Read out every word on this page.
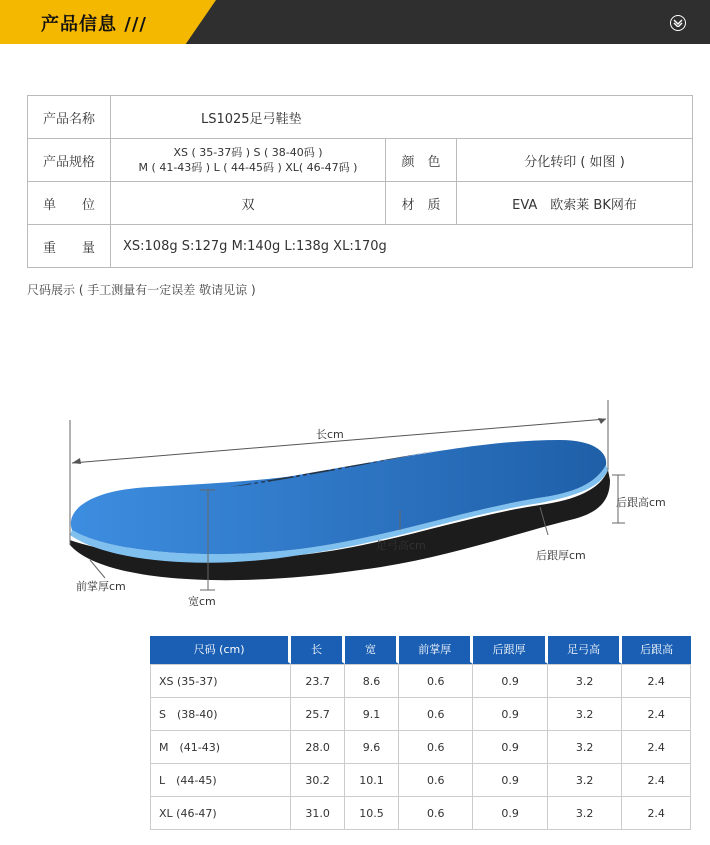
产品信息 ///
产品名称	LS1025足弓鞋垫		
产品规格	XS ( 35-37码 ) S ( 38-40码 )
M ( 41-43码 ) L ( 44-45码 ) XL( 46-47码 )	颜　色	分化转印 ( 如图 )
单　　位	双	材　质	EVA　欧索莱 BK网布
重　　量	XS:108g S:127g M:140g L:138g XL:170g		
尺码展示 ( 手工测量有一定误差 敬请见谅 )
长cm
后跟高cm
足弓高cm
后跟厚cm
前掌厚cm
宽cm
尺码 (cm)	长	宽	前掌厚	后跟厚	足弓高	后跟高
XS (35-37)	23.7	8.6	0.6	0.9	3.2	2.4
S　(38-40)	25.7	9.1	0.6	0.9	3.2	2.4
M　(41-43)	28.0	9.6	0.6	0.9	3.2	2.4
L　(44-45)	30.2	10.1	0.6	0.9	3.2	2.4
XL (46-47)	31.0	10.5	0.6	0.9	3.2	2.4
